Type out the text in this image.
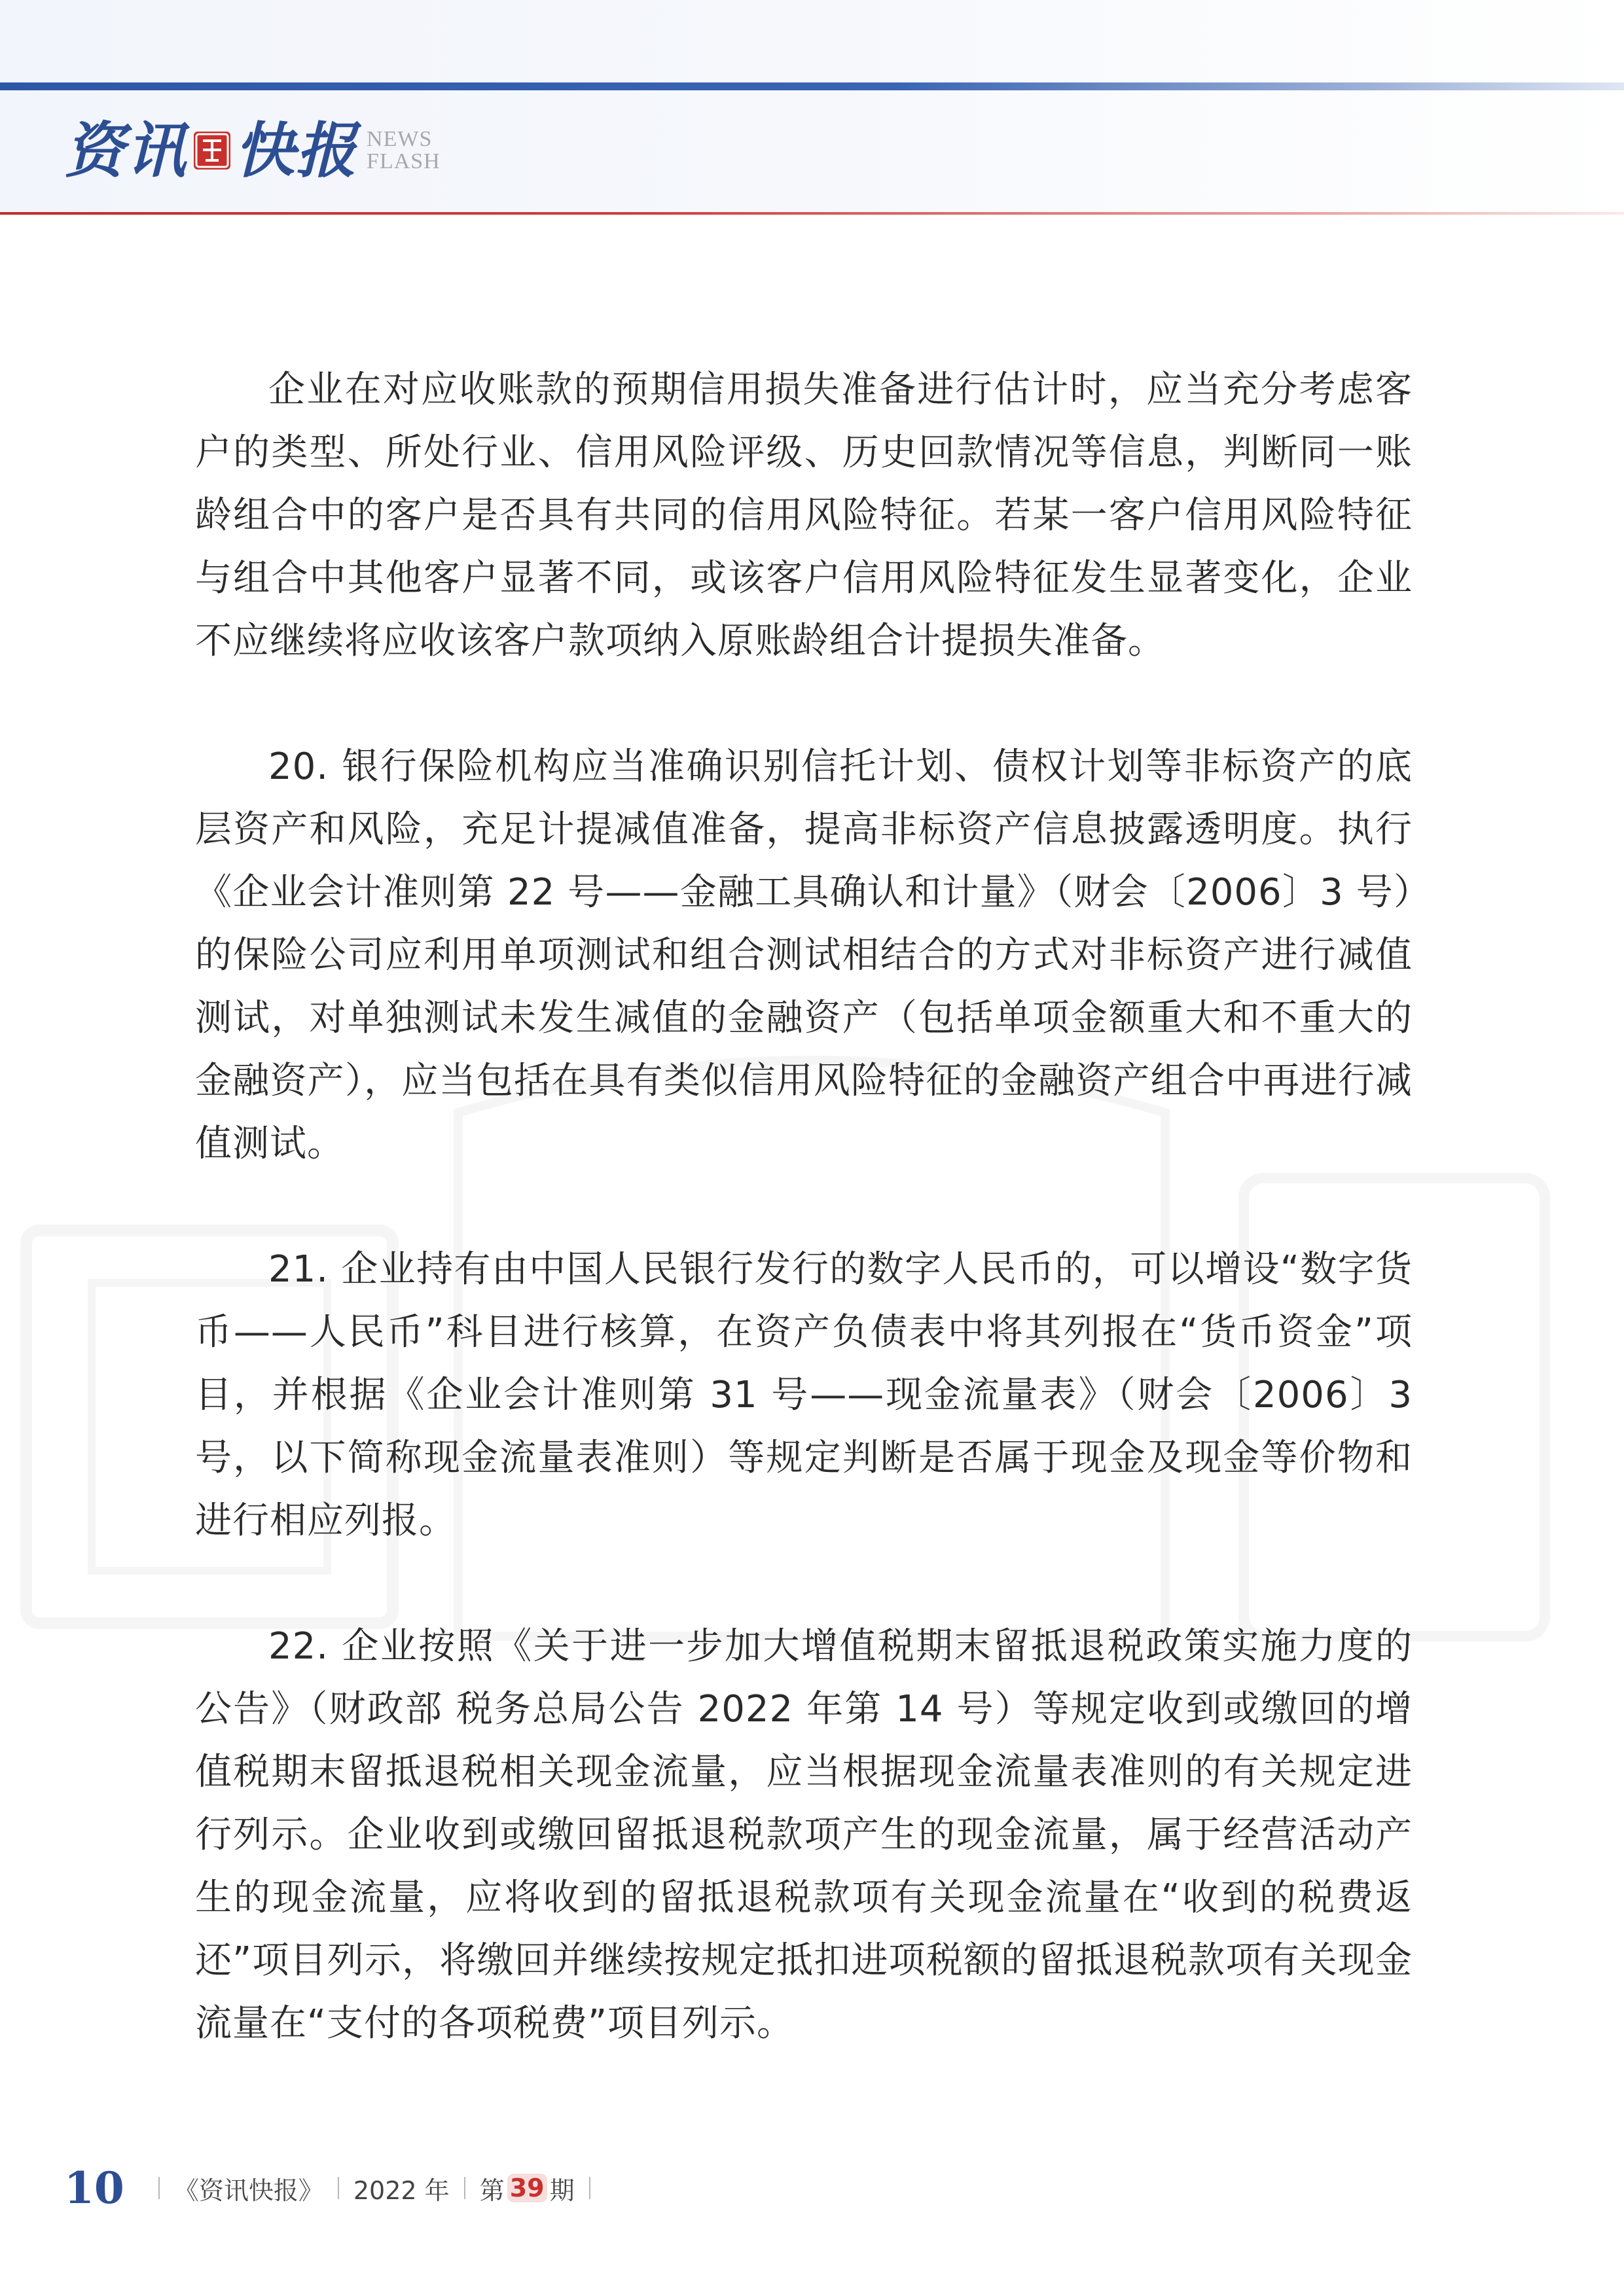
资讯 快报 NEWS
FLASH

企业在对应收账款的预期信用损失准备进行估计时，应当充分考虑客户的类型、所处行业、信用风险评级、历史回款情况等信息，判断同一账龄组合中的客户是否具有共同的信用风险特征。若某一客户信用风险特征与组合中其他客户显著不同，或该客户信用风险特征发生显著变化，企业不应继续将应收该客户款项纳入原账龄组合计提损失准备。

20. 银行保险机构应当准确识别信托计划、债权计划等非标资产的底层资产和风险，充足计提减值准备，提高非标资产信息披露透明度。执行《企业会计准则第 22 号——金融工具确认和计量》（财会〔2006〕3 号）的保险公司应利用单项测试和组合测试相结合的方式对非标资产进行减值测试，对单独测试未发生减值的金融资产（包括单项金额重大和不重大的金融资产），应当包括在具有类似信用风险特征的金融资产组合中再进行减值测试。

21. 企业持有由中国人民银行发行的数字人民币的，可以增设“数字货币——人民币”科目进行核算，在资产负债表中将其列报在“货币资金”项目，并根据《企业会计准则第 31 号——现金流量表》（财会〔2006〕3 号，以下简称现金流量表准则）等规定判断是否属于现金及现金等价物和进行相应列报。

22. 企业按照《关于进一步加大增值税期末留抵退税政策实施力度的公告》（财政部 税务总局公告 2022 年第 14 号）等规定收到或缴回的增值税期末留抵退税相关现金流量，应当根据现金流量表准则的有关规定进行列示。企业收到或缴回留抵退税款项产生的现金流量，属于经营活动产生的现金流量，应将收到的留抵退税款项有关现金流量在“收到的税费返还”项目列示，将缴回并继续按规定抵扣进项税额的留抵退税款项有关现金流量在“支付的各项税费”项目列示。

10 《资讯快报》 2022 年 第 39 期
